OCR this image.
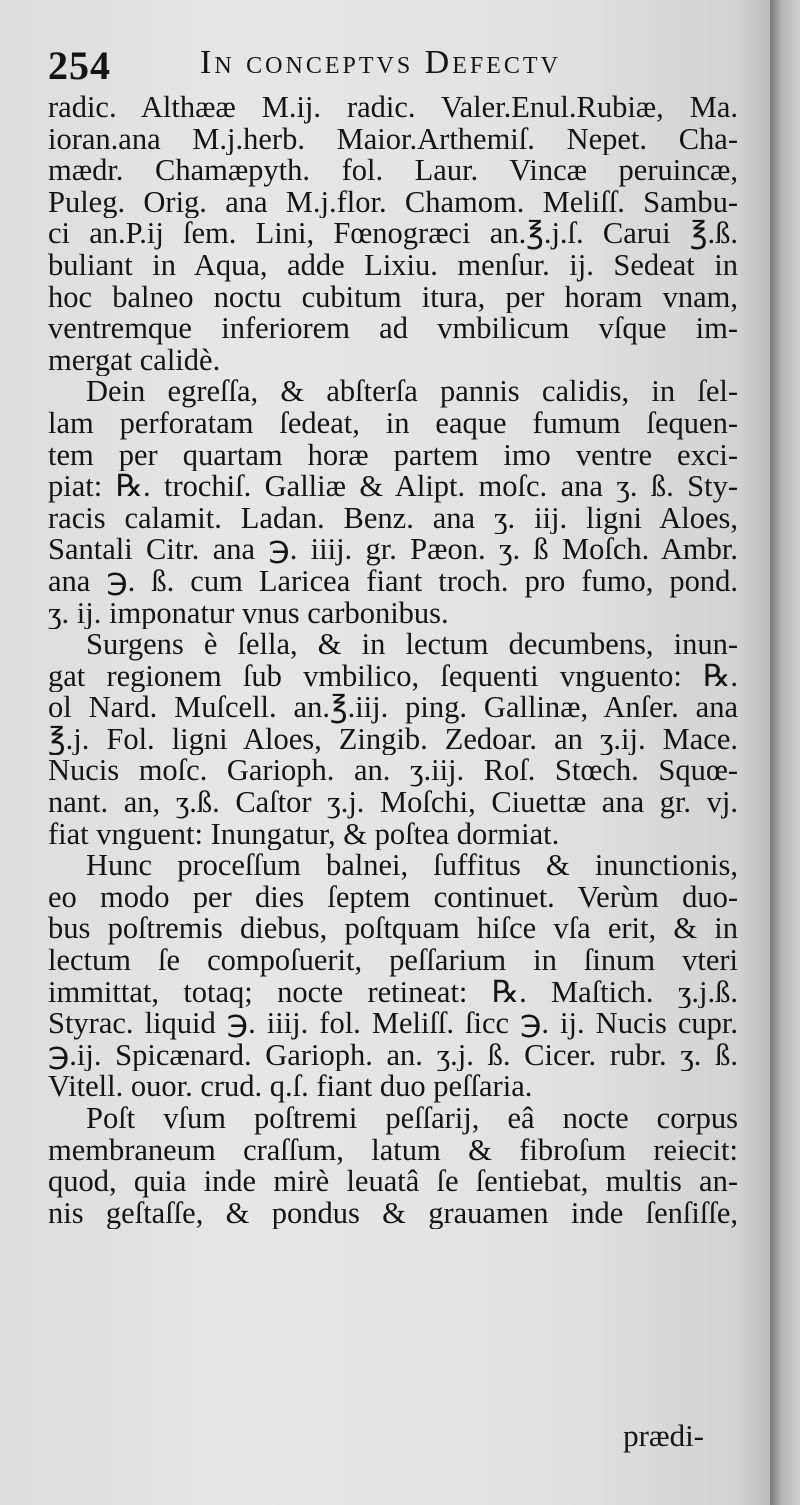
254	In conceptvs Defectv
radic. Althææ M.ij. radic. Valer.Enul.Rubiæ, Ma.
ioran.ana M.j.herb. Maior.Arthemiſ. Nepet. Cha-
mædr. Chamæpyth. fol. Laur. Vincæ peruincæ,
Puleg. Orig. ana M.j.flor. Chamom. Meliſſ. Sambu-
ci an.P.ij ſem. Lini, Fœnogræci an.℥.j.ſ. Carui ℥.ß.
buliant in Aqua, adde Lixiu. menſur. ij. Sedeat in
hoc balneo noctu cubitum itura, per horam vnam,
ventremque inferiorem ad vmbilicum vſque im-
mergat calidè.
Dein egreſſa, & abſterſa pannis calidis, in ſel-
lam perforatam ſedeat, in eaque fumum ſequen-
tem per quartam horæ partem imo ventre exci-
piat: ℞. trochiſ. Galliæ & Alipt. moſc. ana ʒ. ß. Sty-
racis calamit. Ladan. Benz. ana ʒ. iij. ligni Aloes,
Santali Citr. ana ℈. iiij. gr. Pæon. ʒ. ß Moſch. Ambr.
ana ℈. ß. cum Laricea fiant troch. pro fumo, pond.
ʒ. ij. imponatur vnus carbonibus.
Surgens è ſella, & in lectum decumbens, inun-
gat regionem ſub vmbilico, ſequenti vnguento: ℞.
ol Nard. Muſcell. an.℥.iij. ping. Gallinæ, Anſer. ana
℥.j. Fol. ligni Aloes, Zingib. Zedoar. an ʒ.ij. Mace.
Nucis moſc. Garioph. an. ʒ.iij. Roſ. Stœch. Squœ-
nant. an, ʒ.ß. Caſtor ʒ.j. Moſchi, Ciuettæ ana gr. vj.
fiat vnguent: Inungatur, & poſtea dormiat.
Hunc proceſſum balnei, ſuffitus & inunctionis,
eo modo per dies ſeptem continuet. Verùm duo-
bus poſtremis diebus, poſtquam hiſce vſa erit, & in
lectum ſe compoſuerit, peſſarium in ſinum vteri
immittat, totaq; nocte retineat: ℞. Maſtich. ʒ.j.ß.
Styrac. liquid ℈. iiij. fol. Meliſſ. ſicc ℈. ij. Nucis cupr.
℈.ij. Spicænard. Garioph. an. ʒ.j. ß. Cicer. rubr. ʒ. ß.
Vitell. ouor. crud. q.ſ. fiant duo peſſaria.
Poſt vſum poſtremi peſſarij, eâ nocte corpus
membraneum craſſum, latum & fibroſum reiecit:
quod, quia inde mirè leuatâ ſe ſentiebat, multis an-
nis geſtaſſe, & pondus & grauamen inde ſenſiſſe,
prædi-
